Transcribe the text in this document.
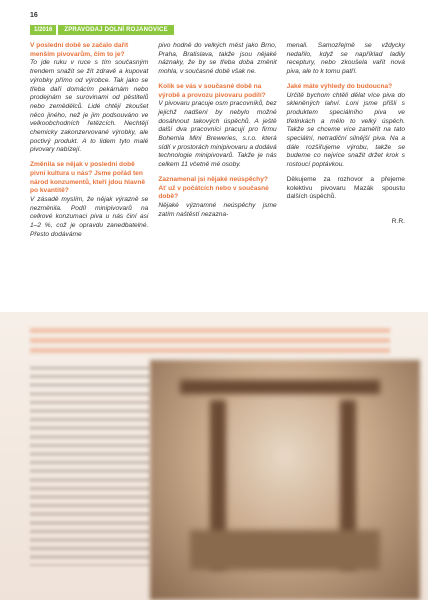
16
1/2016	ZPRAVODAJ DOLNÍ ROJANOVICE

V poslední době se začalo dařit menším pivovarům, čím to je?

To jde ruku v ruce s tím současným trendem snažit se žít zdravě a kupovat výrobky přímo od výrobce. Tak jako se třeba daří domácím pekárnám nebo prodejnám se surovinami od pěstitelů nebo zemědělců. Lidé chtějí zkoušet něco jiného, než je jim podsouváno ve velkoobchodních řetězcích. Nechtějí chemicky zakonzervované výrobky, ale poctivý produkt. A to lidem tyto malé pivovary nabízejí.

Změnila se nějak v poslední době pivní kultura u nás? Jsme pořád ten národ konzumentů, kteří jdou hlavně po kvantitě?

V zásadě myslím, že nějak výrazně se nezměnila. Podíl minipivovarů na celkové konzumaci piva u nás činí asi 1–2 %, což je opravdu zanedbatelné. Přesto dodáváme

pivo hodně do velkých měst jako Brno, Praha, Bratislava, takže jsou nějaké náznaky, že by se třeba doba změnit mohla, v současné době však ne.

Kolik se vás v současné době na výrobě a provozu pivovaru podílí?

V pivovaru pracuje osm pracovníků, bez jejichž nadšení by nebylo možné dosáhnout takových úspěchů. A ještě další dva pracovníci pracují pro firmu Bohemia Mini Breweries, s.r.o. která sídlí v prostorách minipivovaru a dodává technologie minipivovarů. Takže je nás celkem 11 včetně mé osoby.

Zaznamenal jsi nějaké neúspěchy? Ať už v počátcích nebo v současné době?

Nějaké významné neúspěchy jsme zatím naštěstí nezazna-

menali. Samozřejmě se vždycky nedařilo, když se například ladily receptury, nebo zkoušela vařit nová piva, ale to k tomu patří.

Jaké máte výhledy do budoucna?

Určitě bychom chtěli dělat více piva do skleněných lahví. Loni jsme přišli s produktem speciálního piva ve třetinkách a mělo to velký úspěch. Takže se chceme více zaměřit na tato speciální, netradiční silnější piva. Na a dále rozšiřujeme výrobu, takže se budeme co nejvíce snažit držet krok s rostoucí poptávkou.

Děkujeme za rozhovor a přejeme kolektivu pivovaru Mazák spoustu dalších úspěchů.

R.R.
